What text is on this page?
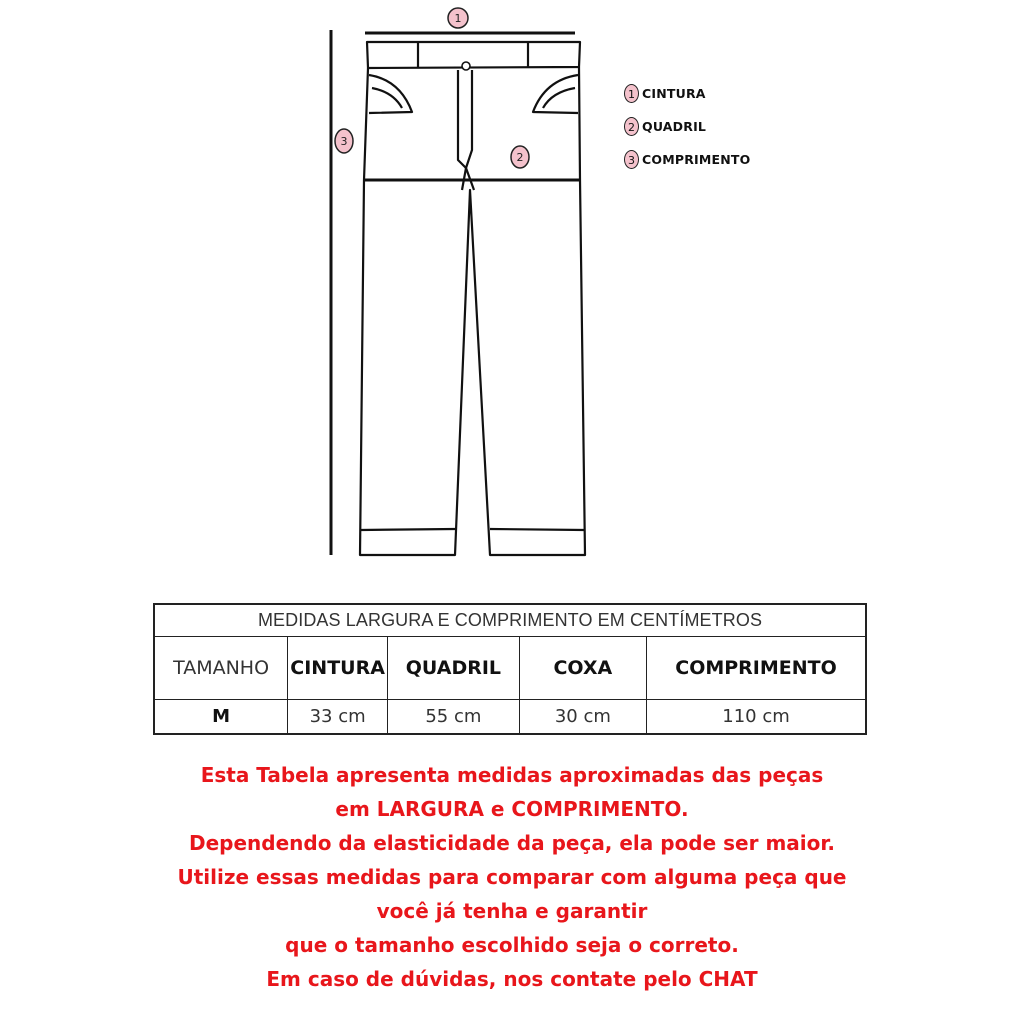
1
2
3
1 CINTURA
2 QUADRIL
3 COMPRIMENTO
MEDIDAS LARGURA E COMPRIMENTO EM CENTÍMETROS				
TAMANHO	CINTURA	QUADRIL	COXA	COMPRIMENTO
M	33 cm	55 cm	30 cm	110 cm

Esta Tabela apresenta medidas aproximadas das peças

em LARGURA e COMPRIMENTO.

Dependendo da elasticidade da peça, ela pode ser maior.

Utilize essas medidas para comparar com alguma peça que

você já tenha e garantir

que o tamanho escolhido seja o correto.

Em caso de dúvidas, nos contate pelo CHAT
